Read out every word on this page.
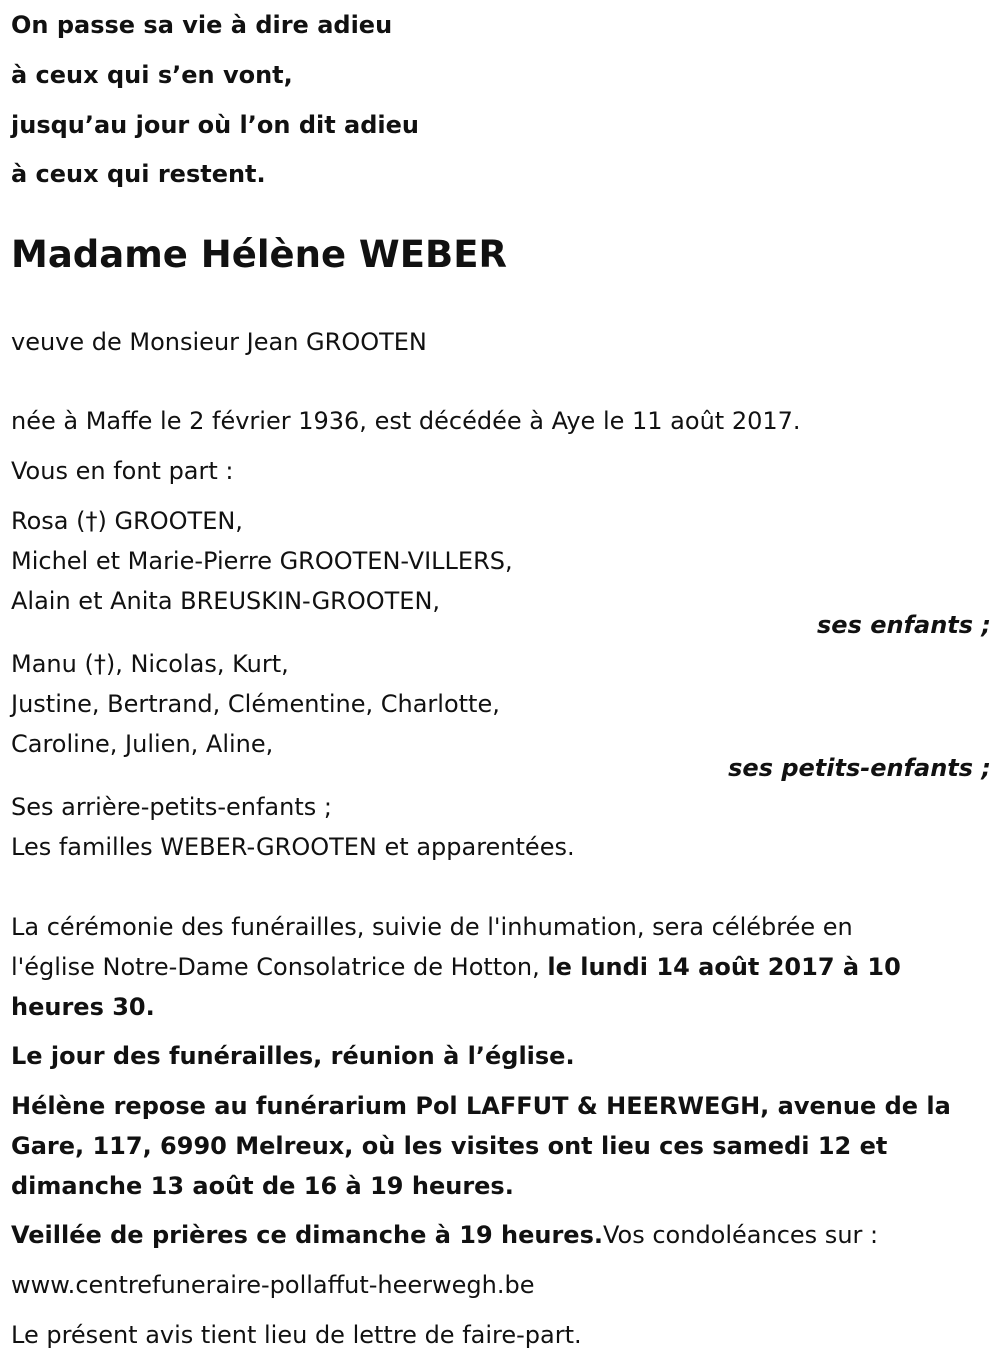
On passe sa vie à dire adieu
à ceux qui s’en vont,
jusqu’au jour où l’on dit adieu
à ceux qui restent.
Madame Hélène WEBER
veuve de Monsieur Jean GROOTEN
née à Maffe le 2 février 1936, est décédée à Aye le 11 août 2017.
Vous en font part :
Rosa (†) GROOTEN,
Michel et Marie-Pierre GROOTEN-VILLERS,
Alain et Anita BREUSKIN-GROOTEN,
ses enfants ;
Manu (†), Nicolas, Kurt,
Justine, Bertrand, Clémentine, Charlotte,
Caroline, Julien, Aline,
ses petits-enfants ;
Ses arrière-petits-enfants ;
Les familles WEBER-GROOTEN et apparentées.
La cérémonie des funérailles, suivie de l'inhumation, sera célébrée en
l'église Notre-Dame Consolatrice de Hotton, le lundi 14 août 2017 à 10
heures 30.
Le jour des funérailles, réunion à l’église.
Hélène repose au funérarium Pol LAFFUT & HEERWEGH, avenue de la
Gare, 117, 6990 Melreux, où les visites ont lieu ces samedi 12 et
dimanche 13 août de 16 à 19 heures.
Veillée de prières ce dimanche à 19 heures.Vos condoléances sur :
www.centrefuneraire-pollaffut-heerwegh.be
Le présent avis tient lieu de lettre de faire-part.
